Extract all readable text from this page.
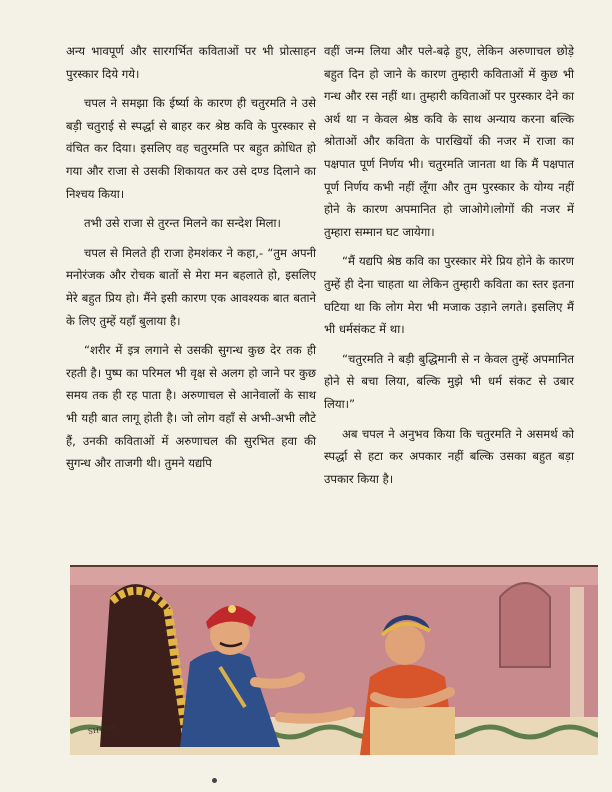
अन्य भावपूर्ण और सारगर्भित कविताओं पर भी प्रोत्साहन पुरस्कार दिये गये।

चपल ने समझा कि ईर्ष्या के कारण ही चतुरमति ने उसे बड़ी चतुराई से स्पर्द्धा से बाहर कर श्रेष्ठ कवि के पुरस्कार से वंचित कर दिया। इसलिए वह चतुरमति पर बहुत क्रोधित हो गया और राजा से उसकी शिकायत कर उसे दण्ड दिलाने का निश्चय किया।

तभी उसे राजा से तुरन्त मिलने का सन्देश मिला।

चपल से मिलते ही राजा हेमशंकर ने कहा,- “तुम अपनी मनोरंजक और रोचक बातों से मेरा मन बहलाते हो, इसलिए मेरे बहुत प्रिय हो। मैंने इसी कारण एक आवश्यक बात बताने के लिए तुम्हें यहाँ बुलाया है।

“शरीर में इत्र लगाने से उसकी सुगन्ध कुछ देर तक ही रहती है। पुष्प का परिमल भी वृक्ष से अलग हो जाने पर कुछ समय तक ही रह पाता है। अरुणाचल से आनेवालों के साथ भी यही बात लागू होती है। जो लोग वहाँ से अभी-अभी लौटे हैं, उनकी कविताओं में अरुणाचल की सुरभित हवा की सुगन्ध और ताजगी थी। तुमने यद्यपि

वहीं जन्म लिया और पले-बढ़े हुए, लेकिन अरुणाचल छोड़े बहुत दिन हो जाने के कारण तुम्हारी कविताओं में कुछ भी गन्ध और रस नहीं था। तुम्हारी कविताओं पर पुरस्कार देने का अर्थ था न केवल श्रेष्ठ कवि के साथ अन्याय करना बल्कि श्रोताओं और कविता के पारखियों की नजर में राजा का पक्षपात पूर्ण निर्णय भी। चतुरमति जानता था कि मैं पक्षपात पूर्ण निर्णय कभी नहीं लूँगा और तुम पुरस्कार के योग्य नहीं होने के कारण अपमानित हो जाओगे।लोगों की नजर में तुम्हारा सम्मान घट जायेगा।

“मैं यद्यपि श्रेष्ठ कवि का पुरस्कार मेरे प्रिय होने के कारण तुम्हें ही देना चाहता था लेकिन तुम्हारी कविता का स्तर इतना घटिया था कि लोग मेरा भी मजाक उड़ाने लगते। इसलिए मैं भी धर्मसंकट में था।

“चतुरमति ने बड़ी बुद्धिमानी से न केवल तुम्हें अपमानित होने से बचा लिया, बल्कि मुझे भी धर्म संकट से उबार लिया।”

अब चपल ने अनुभव किया कि चतुरमति ने असमर्थ को स्पर्द्धा से हटा कर अपकार नहीं बल्कि उसका बहुत बड़ा उपकार किया है।

SHYAM
